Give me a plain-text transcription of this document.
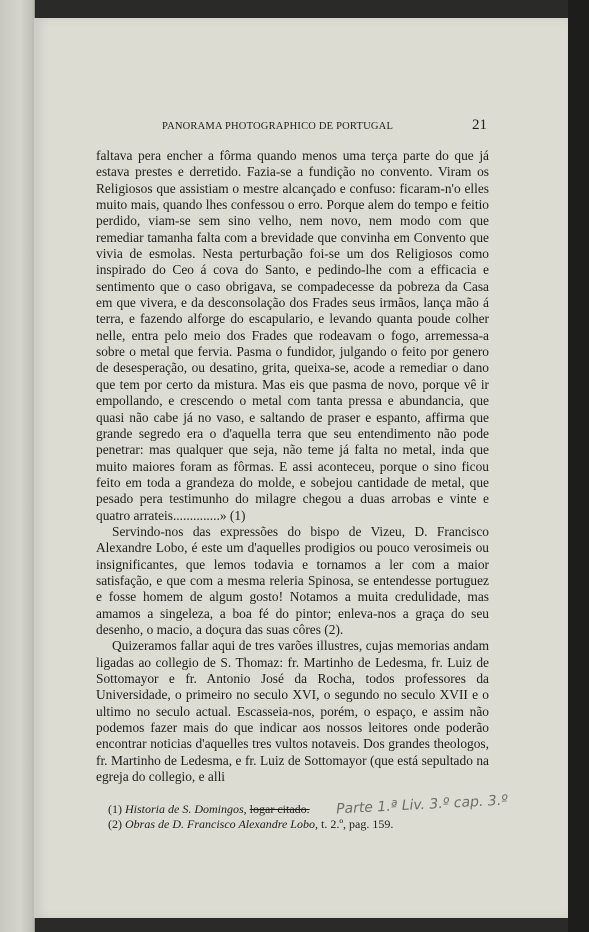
PANORAMA PHOTOGRAPHICO DE PORTUGAL	21

faltava pera encher a fôrma quando menos uma terça parte do que já estava prestes e derretido. Fazia-se a fundição no convento. Viram os Religiosos que assistiam o mestre alcançado e confuso: ficaram-n'o elles muito mais, quando lhes confessou o erro. Porque alem do tempo e feitio perdido, viam-se sem sino velho, nem novo, nem modo com que remediar tamanha falta com a brevidade que convinha em Convento que vivia de esmolas. Nesta perturbação foi-se um dos Religiosos como inspirado do Ceo á cova do Santo, e pedindo-lhe com a efficacia e sentimento que o caso obrigava, se compadecesse da pobreza da Casa em que vivera, e da desconsolação dos Frades seus irmãos, lança mão á terra, e fazendo alforge do escapulario, e levando quanta poude colher nelle, entra pelo meio dos Frades que rodeavam o fogo, arremessa-a sobre o metal que fervia. Pasma o fundidor, julgando o feito por genero de desesperação, ou desatino, grita, queixa-se, acode a remediar o dano que tem por certo da mistura. Mas eis que pasma de novo, porque vê ir empollando, e crescendo o metal com tanta pressa e abundancia, que quasi não cabe já no vaso, e saltando de praser e espanto, affirma que grande segredo era o d'aquella terra que seu entendimento não pode penetrar: mas qualquer que seja, não teme já falta no metal, inda que muito maiores foram as fôrmas. E assi aconteceu, porque o sino ficou feito em toda a grandeza do molde, e sobejou cantidade de metal, que pesado pera testimunho do milagre chegou a duas arrobas e vinte e quatro arrateis..............» (1)

Servindo-nos das expressões do bispo de Vizeu, D. Francisco Alexandre Lobo, é este um d'aquelles prodigios ou pouco verosimeis ou insignificantes, que lemos todavia e tornamos a ler com a maior satisfação, e que com a mesma releria Spinosa, se entendesse portuguez e fosse homem de algum gosto! Notamos a muita credulidade, mas amamos a singeleza, a boa fé do pintor; enleva-nos a graça do seu desenho, o macio, a doçura das suas côres (2).

Quizeramos fallar aqui de tres varões illustres, cujas memorias andam ligadas ao collegio de S. Thomaz: fr. Martinho de Ledesma, fr. Luiz de Sottomayor e fr. Antonio José da Rocha, todos professores da Universidade, o primeiro no seculo XVI, o segundo no seculo XVII e o ultimo no seculo actual. Escasseia-nos, porém, o espaço, e assim não podemos fazer mais do que indicar aos nossos leitores onde poderão encontrar noticias d'aquelles tres vultos notaveis. Dos grandes theologos, fr. Martinho de Ledesma, e fr. Luiz de Sottomayor (que está sepultado na egreja do collegio, e alli

(1) Historia de S. Domingos, logar citado.
(2) Obras de D. Francisco Alexandre Lobo, t. 2.º, pag. 159.
Parte 1.ª Liv. 3.º cap. 3.º
